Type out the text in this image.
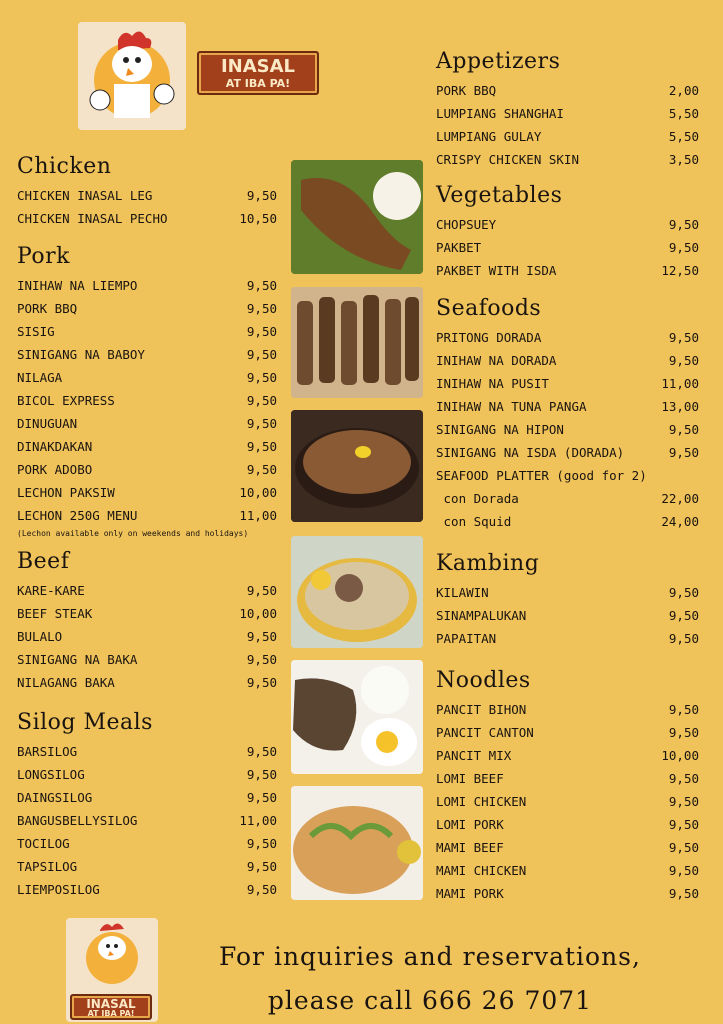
INASAL
AT IBA PA!
Chicken
CHICKEN INASAL LEG	9,50
CHICKEN INASAL PECHO	10,50
Pork
INIHAW NA LIEMPO	9,50
PORK BBQ	9,50
SISIG	9,50
SINIGANG NA BABOY	9,50
NILAGA	9,50
BICOL EXPRESS	9,50
DINUGUAN	9,50
DINAKDAKAN	9,50
PORK ADOBO	9,50
LECHON PAKSIW	10,00
LECHON 250G MENU	11,00
(Lechon available only on weekends and holidays)
Beef
KARE-KARE	9,50
BEEF STEAK	10,00
BULALO	9,50
SINIGANG NA BAKA	9,50
NILAGANG BAKA	9,50
Silog Meals
BARSILOG	9,50
LONGSILOG	9,50
DAINGSILOG	9,50
BANGUSBELLYSILOG	11,00
TOCILOG	9,50
TAPSILOG	9,50
LIEMPOSILOG	9,50
Appetizers
PORK BBQ	2,00
LUMPIANG SHANGHAI	5,50
LUMPIANG GULAY	5,50
CRISPY CHICKEN SKIN	3,50
Vegetables
CHOPSUEY	9,50
PAKBET	9,50
PAKBET WITH ISDA	12,50
Seafoods
PRITONG DORADA	9,50
INIHAW NA DORADA	9,50
INIHAW NA PUSIT	11,00
INIHAW NA TUNA PANGA	13,00
SINIGANG NA HIPON	9,50
SINIGANG NA ISDA (DORADA)	9,50
SEAFOOD PLATTER (good for 2)
con Dorada	22,00
con Squid	24,00
Kambing
KILAWIN	9,50
SINAMPALUKAN	9,50
PAPAITAN	9,50
Noodles
PANCIT BIHON	9,50
PANCIT CANTON	9,50
PANCIT MIX	10,00
LOMI BEEF	9,50
LOMI CHICKEN	9,50
LOMI PORK	9,50
MAMI BEEF	9,50
MAMI CHICKEN	9,50
MAMI PORK	9,50
INASAL
AT IBA PA!
For inquiries and reservations,
please call 666 26 7071
